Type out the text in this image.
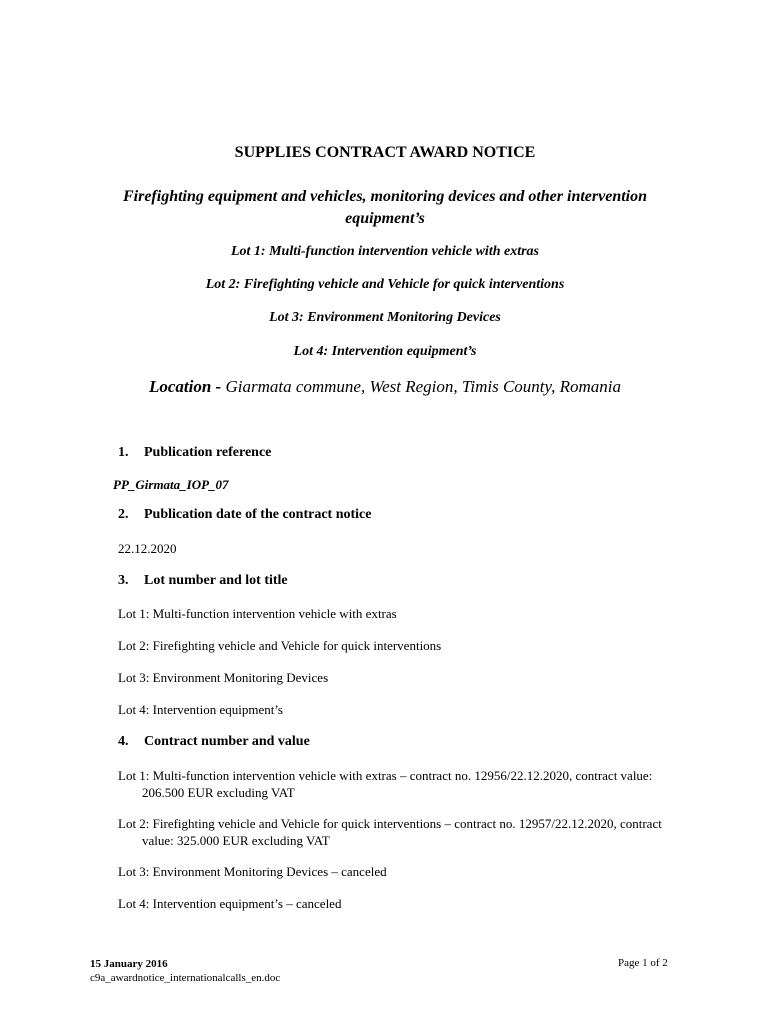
SUPPLIES CONTRACT AWARD NOTICE
Firefighting equipment and vehicles, monitoring devices and other intervention equipment’s
Lot 1: Multi-function intervention vehicle with extras
Lot 2: Firefighting vehicle and Vehicle for quick interventions
Lot 3: Environment Monitoring Devices
Lot 4: Intervention equipment’s
Location - Giarmata commune, West Region, Timis County, Romania
1. Publication reference
PP_Girmata_IOP_07
2. Publication date of the contract notice
22.12.2020
3. Lot number and lot title
Lot 1: Multi-function intervention vehicle with extras
Lot 2: Firefighting vehicle and Vehicle for quick interventions
Lot 3: Environment Monitoring Devices
Lot 4: Intervention equipment’s
4. Contract number and value
Lot 1: Multi-function intervention vehicle with extras – contract no. 12956/22.12.2020, contract value: 206.500 EUR excluding VAT
Lot 2: Firefighting vehicle and Vehicle for quick interventions – contract no. 12957/22.12.2020, contract value: 325.000 EUR excluding VAT
Lot 3: Environment Monitoring Devices – canceled
Lot 4: Intervention equipment’s – canceled
15 January 2016
c9a_awardnotice_internationalcalls_en.doc
Page 1 of 2
